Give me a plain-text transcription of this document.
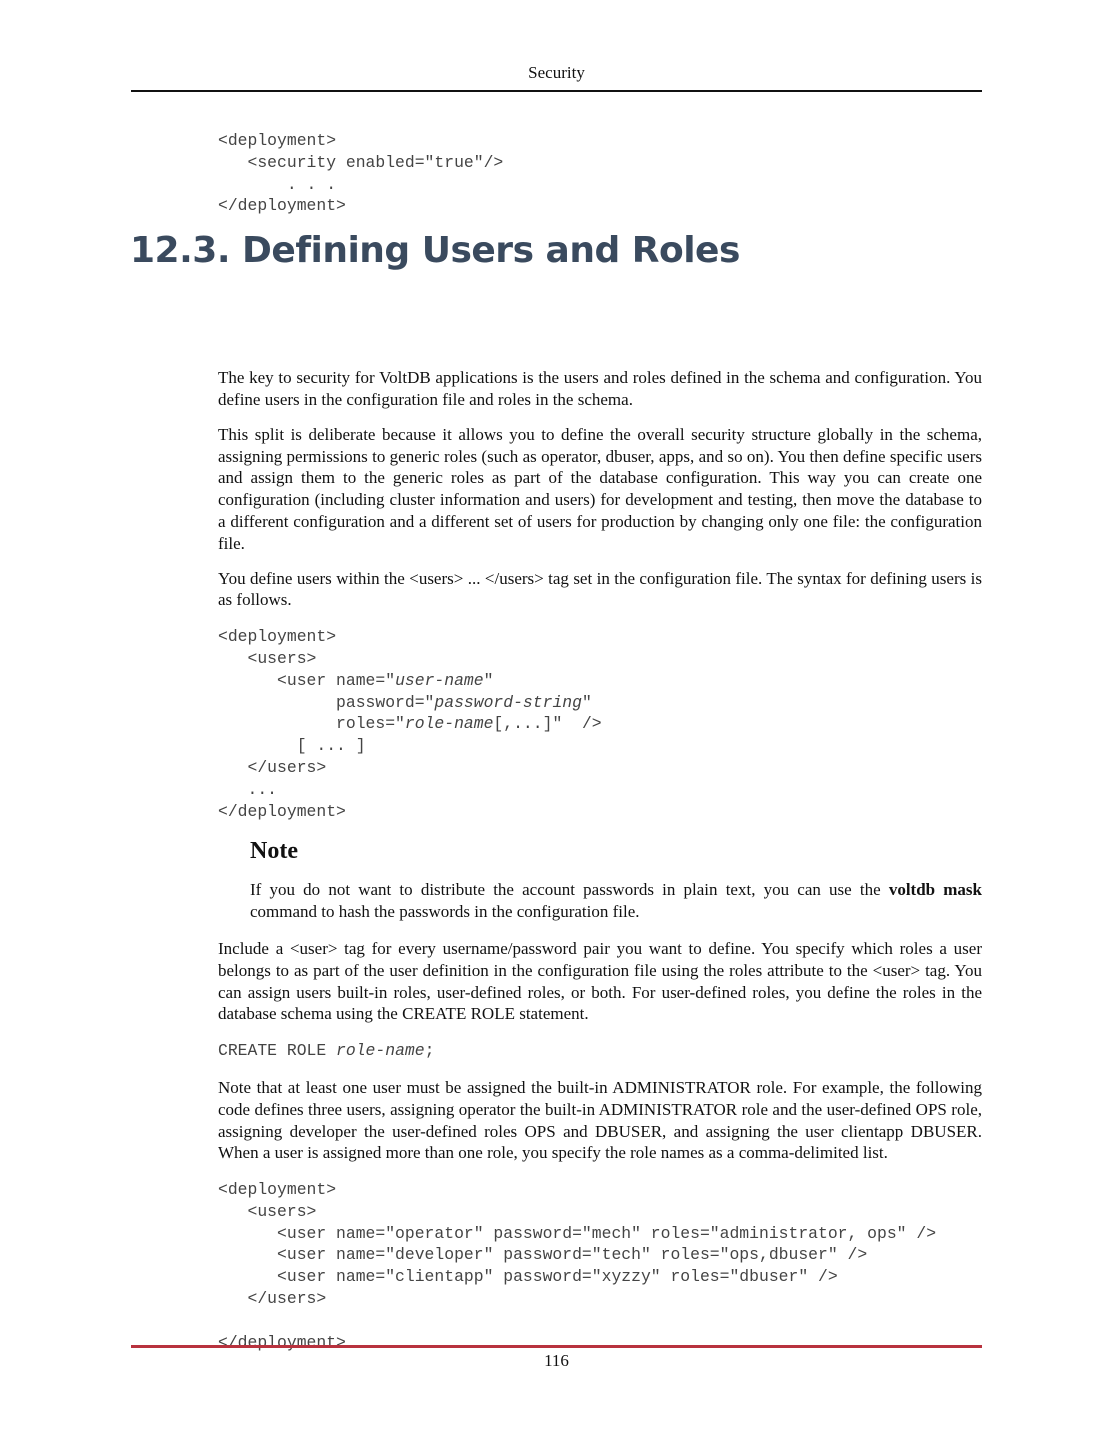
Security
12.3. Defining Users and Roles
<deployment>
<security enabled="true"/>
. . .
</deployment>

The key to security for VoltDB applications is the users and roles defined in the schema and configuration. You define users in the configuration file and roles in the schema.

This split is deliberate because it allows you to define the overall security structure globally in the schema, assigning permissions to generic roles (such as operator, dbuser, apps, and so on). You then define specific users and assign them to the generic roles as part of the database configuration. This way you can create one configuration (including cluster information and users) for development and testing, then move the database to a different configuration and a different set of users for production by changing only one file: the configuration file.

You define users within the <users> ... </users> tag set in the configuration file. The syntax for defining users is as follows.

<deployment>
<users>
<user name="user-name"
password="password-string"
roles="role-name[,...]"  />
[ ... ]
</users>
...
</deployment>
Note

If you do not want to distribute the account passwords in plain text, you can use the voltdb mask command to hash the passwords in the configuration file.

Include a <user> tag for every username/password pair you want to define. You specify which roles a user belongs to as part of the user definition in the configuration file using the roles attribute to the <user> tag. You can assign users built-in roles, user-defined roles, or both. For user-defined roles, you define the roles in the database schema using the CREATE ROLE statement.

CREATE ROLE role-name;

Note that at least one user must be assigned the built-in ADMINISTRATOR role. For example, the following code defines three users, assigning operator the built-in ADMINISTRATOR role and the user-defined OPS role, assigning developer the user-defined roles OPS and DBUSER, and assigning the user clientapp DBUSER. When a user is assigned more than one role, you specify the role names as a comma-delimited list.

<deployment>
<users>
<user name="operator" password="mech" roles="administrator, ops" />
<user name="developer" password="tech" roles="ops,dbuser" />
<user name="clientapp" password="xyzzy" roles="dbuser" />
</users>

</deployment>
116
